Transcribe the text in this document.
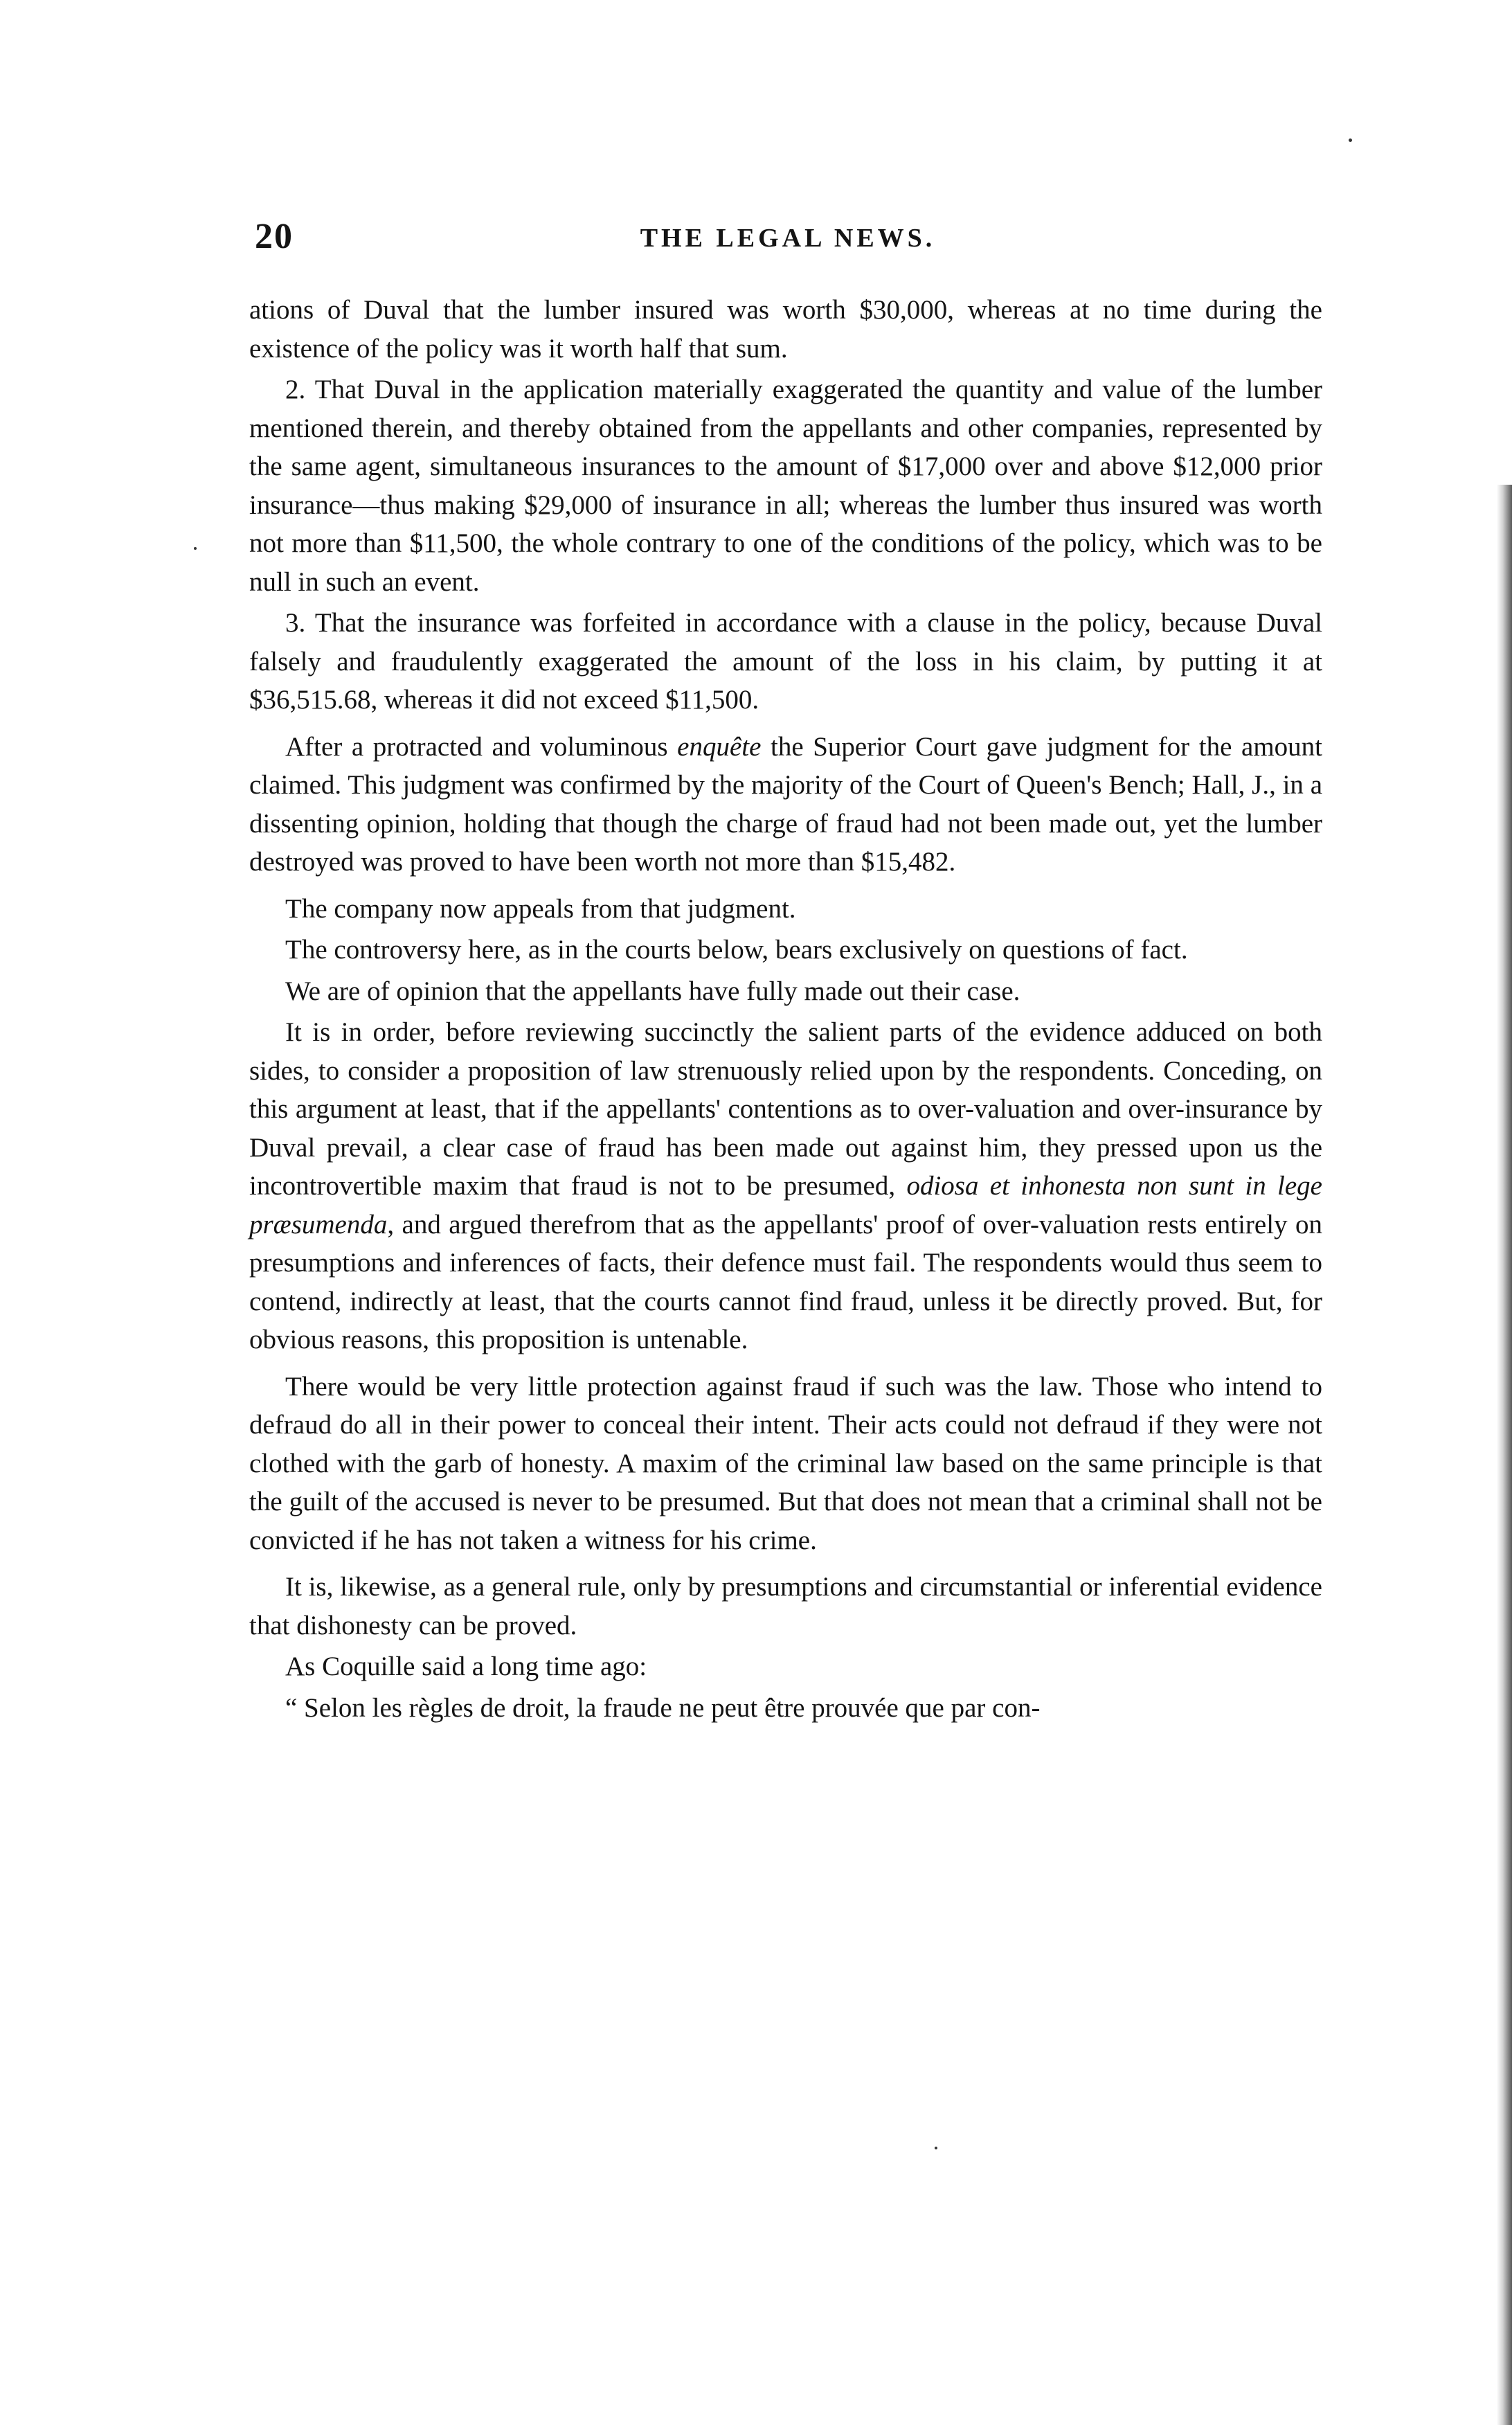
20	THE LEGAL NEWS.

ations of Duval that the lumber insured was worth $30,000, whereas at no time during the existence of the policy was it worth half that sum.

2. That Duval in the application materially exaggerated the quantity and value of the lumber mentioned therein, and thereby obtained from the appellants and other companies, represented by the same agent, simultaneous insurances to the amount of $17,000 over and above $12,000 prior insurance—thus making $29,000 of insurance in all; whereas the lumber thus insured was worth not more than $11,500, the whole contrary to one of the conditions of the policy, which was to be null in such an event.

3. That the insurance was forfeited in accordance with a clause in the policy, because Duval falsely and fraudulently exaggerated the amount of the loss in his claim, by putting it at $36,515.68, whereas it did not exceed $11,500.

After a protracted and voluminous enquête the Superior Court gave judgment for the amount claimed. This judgment was confirmed by the majority of the Court of Queen's Bench; Hall, J., in a dissenting opinion, holding that though the charge of fraud had not been made out, yet the lumber destroyed was proved to have been worth not more than $15,482.

The company now appeals from that judgment.

The controversy here, as in the courts below, bears exclusively on questions of fact.

We are of opinion that the appellants have fully made out their case.

It is in order, before reviewing succinctly the salient parts of the evidence adduced on both sides, to consider a proposition of law strenuously relied upon by the respondents. Conceding, on this argument at least, that if the appellants' contentions as to over-valuation and over-insurance by Duval prevail, a clear case of fraud has been made out against him, they pressed upon us the incontrovertible maxim that fraud is not to be presumed, odiosa et inhonesta non sunt in lege præsumenda, and argued therefrom that as the appellants' proof of over-valuation rests entirely on presumptions and inferences of facts, their defence must fail. The respondents would thus seem to contend, indirectly at least, that the courts cannot find fraud, unless it be directly proved. But, for obvious reasons, this proposition is untenable.

There would be very little protection against fraud if such was the law. Those who intend to defraud do all in their power to conceal their intent. Their acts could not defraud if they were not clothed with the garb of honesty. A maxim of the criminal law based on the same principle is that the guilt of the accused is never to be presumed. But that does not mean that a criminal shall not be convicted if he has not taken a witness for his crime.

It is, likewise, as a general rule, only by presumptions and circumstantial or inferential evidence that dishonesty can be proved.

As Coquille said a long time ago:

“ Selon les règles de droit, la fraude ne peut être prouvée que par con-
